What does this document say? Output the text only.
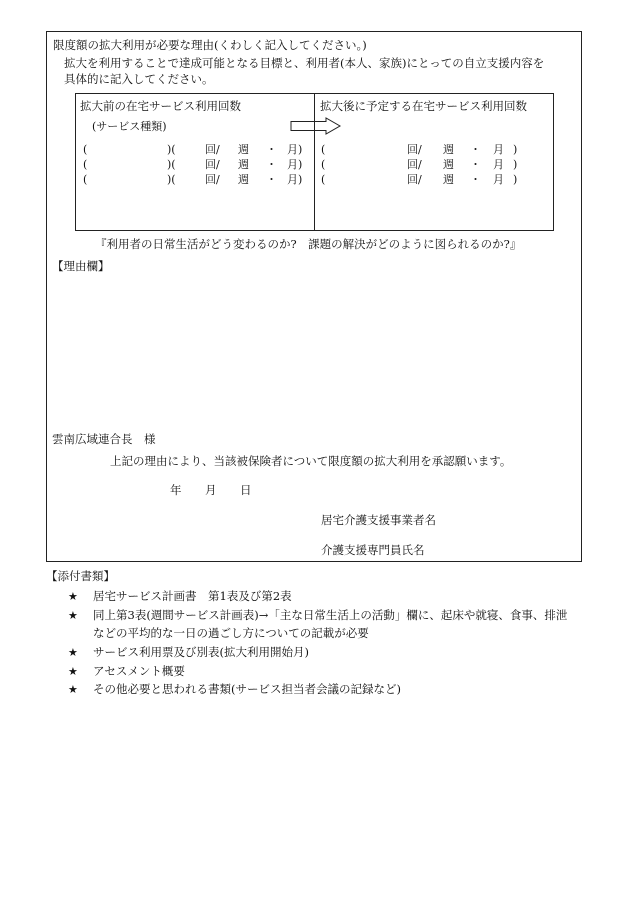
限度額の拡大利用が必要な理由(くわしく記入してください。)
拡大を利用することで達成可能となる目標と、利用者(本人、家族)にとっての自立支援内容を
具体的に記入してください。
拡大前の在宅サービス利用回数
(サービス種類)
拡大後に予定する在宅サービス利用回数
(	)(	回/ 週 ・ 月)
(	)(	回/ 週 ・ 月)
(	)(	回/ 週 ・ 月)
(	回/ 週 ・ 月 )
(	回/ 週 ・ 月 )
(	回/ 週 ・ 月 )
『利用者の日常生活がどう変わるのか?　課題の解決がどのように図られるのか?』
【理由欄】
雲南広域連合長　様
上記の理由により、当該被保険者について限度額の拡大利用を承認願います。
年 月 日
居宅介護支援事業者名
介護支援専門員氏名
【添付書類】
★ 居宅サービス計画書　第1表及び第2表
★ 同上第3表(週間サービス計画表)→「主な日常生活上の活動」欄に、起床や就寝、食事、排泄
などの平均的な一日の過ごし方についての記載が必要
★ サービス利用票及び別表(拡大利用開始月)
★ アセスメント概要
★ その他必要と思われる書類(サービス担当者会議の記録など)
